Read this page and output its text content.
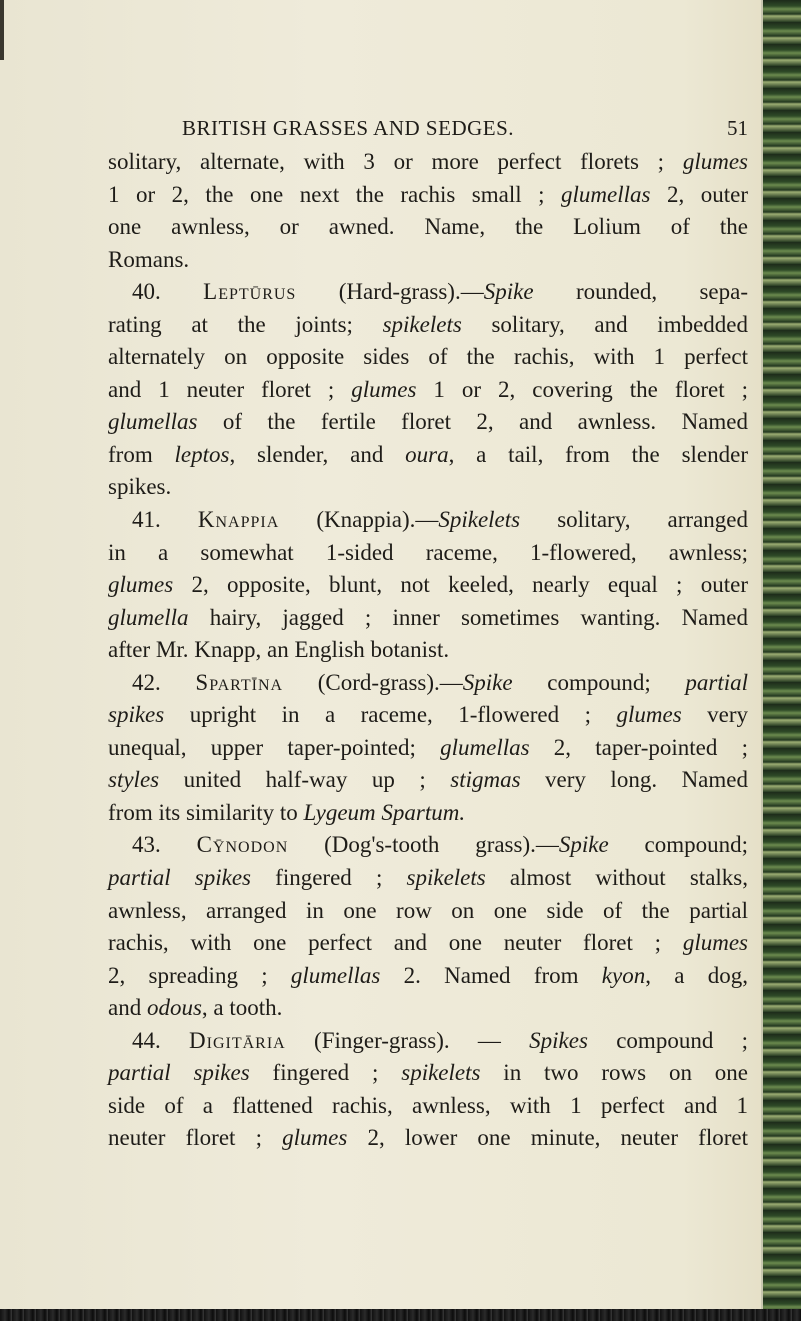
BRITISH GRASSES AND SEDGES.	51
solitary, alternate, with 3 or more perfect florets ; glumes
1 or 2, the one next the rachis small ; glumellas 2, outer
one awnless, or awned. Name, the Lolium of the
Romans.
40. Leptūrus (Hard-grass).—Spike rounded, sepa-
rating at the joints; spikelets solitary, and imbedded
alternately on opposite sides of the rachis, with 1 perfect
and 1 neuter floret ; glumes 1 or 2, covering the floret ;
glumellas of the fertile floret 2, and awnless. Named
from leptos, slender, and oura, a tail, from the slender
spikes.
41. Knappia (Knappia).—Spikelets solitary, arranged
in a somewhat 1-sided raceme, 1-flowered, awnless;
glumes 2, opposite, blunt, not keeled, nearly equal ; outer
glumella hairy, jagged ; inner sometimes wanting. Named
after Mr. Knapp, an English botanist.
42. Spartīna (Cord-grass).—Spike compound; partial
spikes upright in a raceme, 1-flowered ; glumes very
unequal, upper taper-pointed; glumellas 2, taper-pointed ;
styles united half-way up ; stigmas very long. Named
from its similarity to Lygeum Spartum.
43. Cȳnodon (Dog's-tooth grass).—Spike compound;
partial spikes fingered ; spikelets almost without stalks,
awnless, arranged in one row on one side of the partial
rachis, with one perfect and one neuter floret ; glumes
2, spreading ; glumellas 2. Named from kyon, a dog,
and odous, a tooth.
44. Digitāria (Finger-grass). — Spikes compound ;
partial spikes fingered ; spikelets in two rows on one
side of a flattened rachis, awnless, with 1 perfect and 1
neuter floret ; glumes 2, lower one minute, neuter floret
